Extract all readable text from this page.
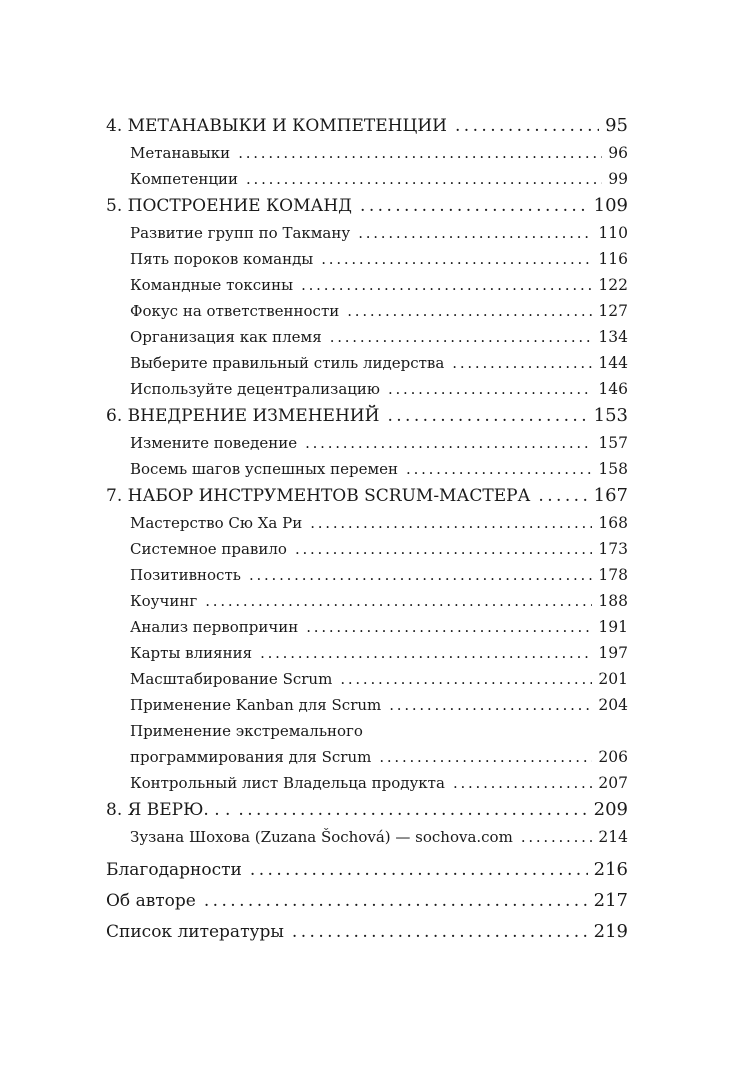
4. МЕТАНАВЫКИ И КОМПЕТЕНЦИИ . . .	95
Метанавыки . . .	96
Компетенции . . .	99
5. ПОСТРОЕНИЕ КОМАНД . . .	109
Развитие групп по Такману . . .	110
Пять пороков команды . . .	116
Командные токсины . . .	122
Фокус на ответственности . . .	127
Организация как племя . . .	134
Выберите правильный стиль лидерства . . .	144
Используйте децентрализацию . . .	146
6. ВНЕДРЕНИЕ ИЗМЕНЕНИЙ . . .	153
Измените поведение . . .	157
Восемь шагов успешных перемен . . .	158
7. НАБОР ИНСТРУМЕНТОВ SCRUM-МАСТЕРА . . .	167
Мастерство Сю Ха Ри . . .	168
Системное правило . . .	173
Позитивность . . .	178
Коучинг . . .	188
Анализ первопричин . . .	191
Карты влияния . . .	197
Масштабирование Scrum . . .	201
Применение Kanban для Scrum . . .	204
Применение экстремального
программирования для Scrum . . .	206
Контрольный лист Владельца продукта . . .	207
8. Я ВЕРЮ. . . . . .	209
Зузана Шохова (Zuzana Šochová) — sochova.com . . .	214
Благодарности . . .	216
Об авторе . . .	217
Список литературы . . .	219
